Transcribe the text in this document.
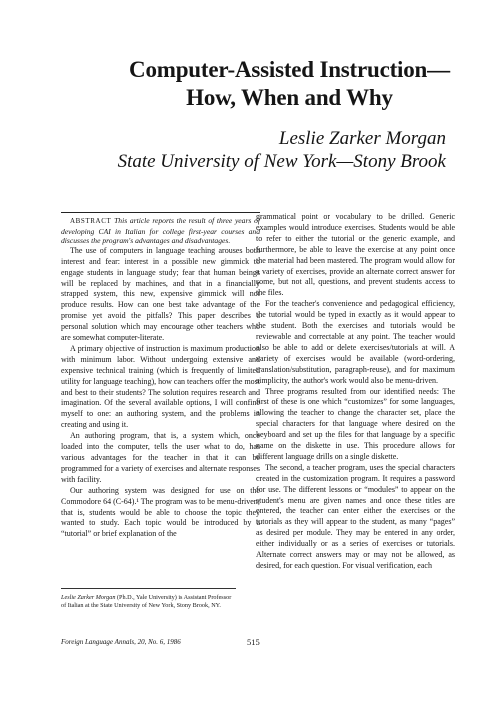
Computer-Assisted Instruction—
How, When and Why
Leslie Zarker Morgan
State University of New York—Stony Brook

ABSTRACT This article reports the result of three years of developing CAI in Italian for college first-year courses and discusses the program's advantages and disadvantages.

The use of computers in language teaching arouses both interest and fear: interest in a possible new gimmick to engage students in language study; fear that human beings will be replaced by machines, and that in a financially strapped system, this new, expensive gimmick will not produce results. How can one best take advantage of the promise yet avoid the pitfalls? This paper describes a personal solution which may encourage other teachers who are somewhat computer-literate.

A primary objective of instruction is maximum production with minimum labor. Without undergoing extensive and expensive technical training (which is frequently of limited utility for language teaching), how can teachers offer the most and best to their students? The solution requires research and imagination. Of the several available options, I will confine myself to one: an authoring system, and the problems in creating and using it.

An authoring program, that is, a system which, once loaded into the computer, tells the user what to do, has various advantages for the teacher in that it can be programmed for a variety of exercises and alternate responses with facility.

Our authoring system was designed for use on the Commodore 64 (C-64).¹ The program was to be menu-driven; that is, students would be able to choose the topic they wanted to study. Each topic would be introduced by a “tutorial” or brief explanation of the

grammatical point or vocabulary to be drilled. Generic examples would introduce exercises. Students would be able to refer to either the tutorial or the generic example, and furthermore, be able to leave the exercise at any point once the material had been mastered. The program would allow for a variety of exercises, provide an alternate correct answer for some, but not all, questions, and prevent students access to the files.

For the teacher's convenience and pedagogical efficiency, the tutorial would be typed in exactly as it would appear to the student. Both the exercises and tutorials would be reviewable and correctable at any point. The teacher would also be able to add or delete exercises/tutorials at will. A variety of exercises would be available (word-ordering, translation/substitution, paragraph-reuse), and for maximum simplicity, the author's work would also be menu-driven.

Three programs resulted from our identified needs: The first of these is one which “customizes” for some languages, allowing the teacher to change the character set, place the special characters for that language where desired on the keyboard and set up the files for that language by a specific name on the diskette in use. This procedure allows for different language drills on a single diskette.

The second, a teacher program, uses the special characters created in the customization program. It requires a password for use. The different lessons or “modules” to appear on the student's menu are given names and once these titles are entered, the teacher can enter either the exercises or the tutorials as they will appear to the student, as many “pages” as desired per module. They may be entered in any order, either individually or as a series of exercises or tutorials. Alternate correct answers may or may not be allowed, as desired, for each question. For visual verification, each

Leslie Zarker Morgan (Ph.D., Yale University) is Assistant Professor of Italian at the State University of New York, Stony Brook, NY.
Foreign Language Annals, 20, No. 6, 1986	515
